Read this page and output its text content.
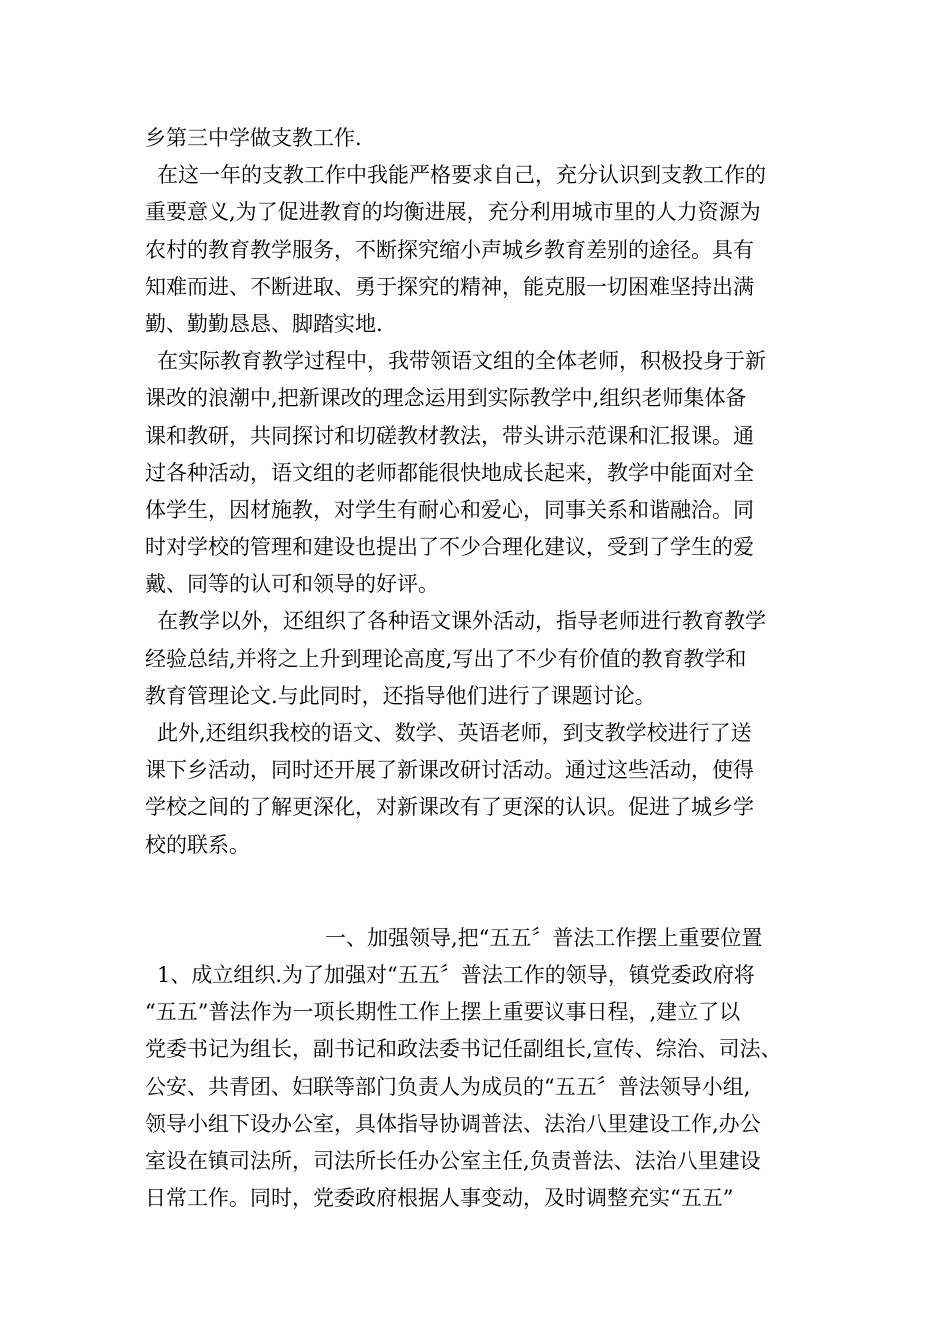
乡第三中学做支教工作.
在这一年的支教工作中我能严格要求自己，充分认识到支教工作的
重要意义,为了促进教育的均衡进展，充分利用城市里的人力资源为
农村的教育教学服务，不断探究缩小声城乡教育差别的途径。具有
知难而进、不断进取、勇于探究的精神，能克服一切困难坚持出满
勤、勤勤恳恳、脚踏实地.
在实际教育教学过程中，我带领语文组的全体老师，积极投身于新
课改的浪潮中,把新课改的理念运用到实际教学中,组织老师集体备
课和教研，共同探讨和切磋教材教法，带头讲示范课和汇报课。通
过各种活动，语文组的老师都能很快地成长起来，教学中能面对全
体学生，因材施教，对学生有耐心和爱心，同事关系和谐融洽。同
时对学校的管理和建设也提出了不少合理化建议，受到了学生的爱
戴、同等的认可和领导的好评。
在教学以外，还组织了各种语文课外活动，指导老师进行教育教学
经验总结,并将之上升到理论高度,写出了不少有价值的教育教学和
教育管理论文.与此同时，还指导他们进行了课题讨论。
此外,还组织我校的语文、数学、英语老师，到支教学校进行了送
课下乡活动，同时还开展了新课改研讨活动。通过这些活动，使得
学校之间的了解更深化，对新课改有了更深的认识。促进了城乡学
校的联系。
一、加强领导,把“五五〞普法工作摆上重要位置
1、成立组织.为了加强对“五五〞普法工作的领导，镇党委政府将
“五五”普法作为一项长期性工作上摆上重要议事日程，,建立了以
党委书记为组长，副书记和政法委书记任副组长,宣传、综治、司法、
公安、共青团、妇联等部门负责人为成员的“五五〞普法领导小组,
领导小组下设办公室，具体指导协调普法、法治八里建设工作,办公
室设在镇司法所，司法所长任办公室主任,负责普法、法治八里建设
日常工作。同时，党委政府根据人事变动，及时调整充实“五五”
